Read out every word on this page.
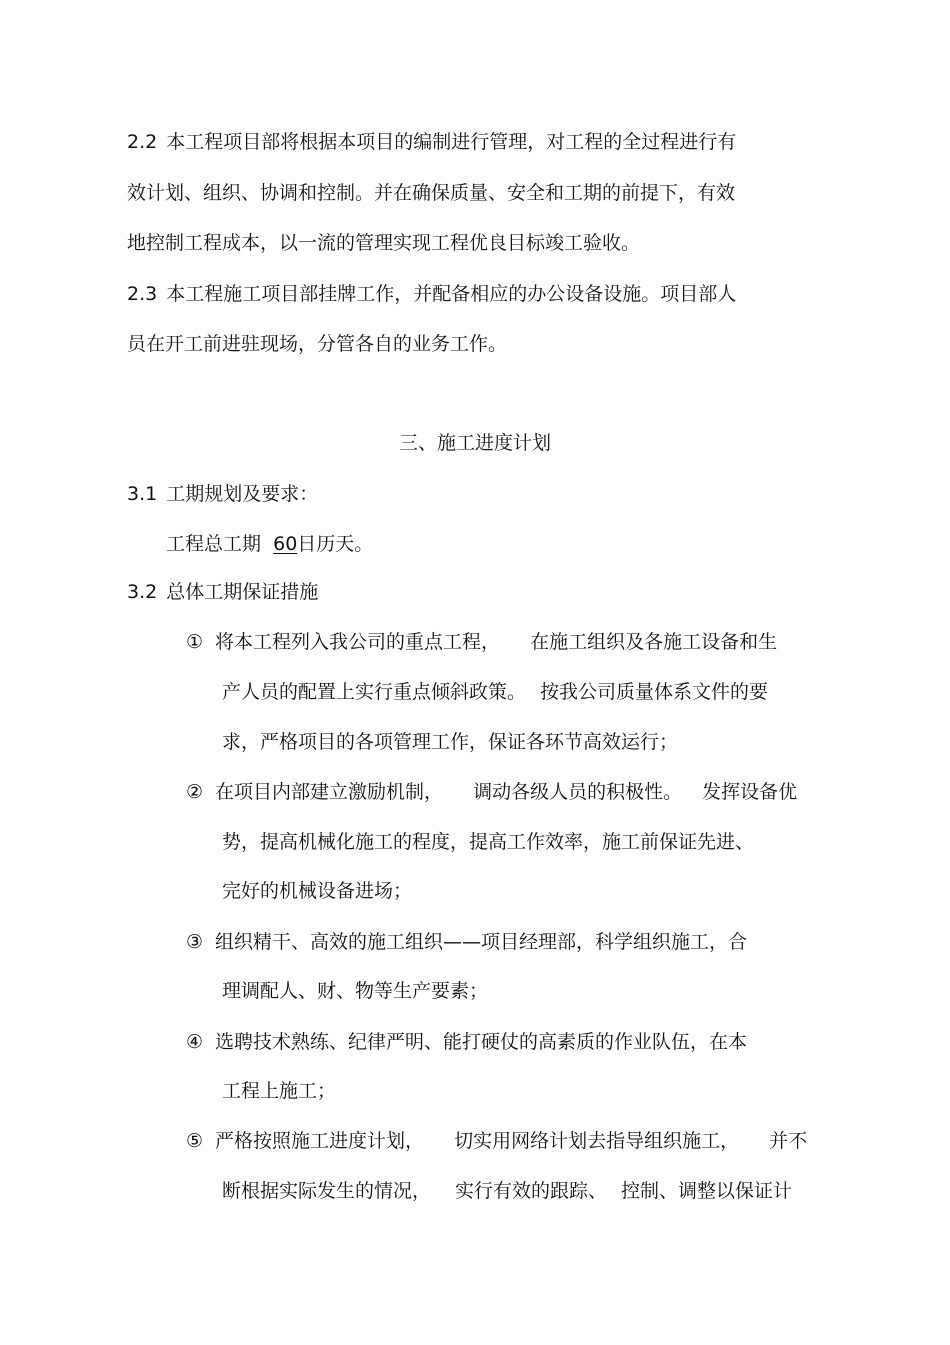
2.2 本工程项目部将根据本项目的编制进行管理，对工程的全过程进行有

效计划、组织、协调和控制。并在确保质量、安全和工期的前提下，有效

地控制工程成本，以一流的管理实现工程优良目标竣工验收。

2.3 本工程施工项目部挂牌工作，并配备相应的办公设备设施。项目部人

员在开工前进驻现场，分管各自的业务工作。

三、施工进度计划

3.1 工期规划及要求：

工程总工期 60日历天。

3.2 总体工期保证措施

① 将本工程列入我公司的重点工程， 在施工组织及各施工设备和生

产人员的配置上实行重点倾斜政策。 按我公司质量体系文件的要

求，严格项目的各项管理工作，保证各环节高效运行；

② 在项目内部建立激励机制， 调动各级人员的积极性。 发挥设备优

势，提高机械化施工的程度，提高工作效率，施工前保证先进、

完好的机械设备进场；

③ 组织精干、高效的施工组织——项目经理部，科学组织施工，合

理调配人、财、物等生产要素；

④ 选聘技术熟练、纪律严明、能打硬仗的高素质的作业队伍，在本

工程上施工；

⑤ 严格按照施工进度计划， 切实用网络计划去指导组织施工， 并不

断根据实际发生的情况， 实行有效的跟踪、 控制、调整以保证计
